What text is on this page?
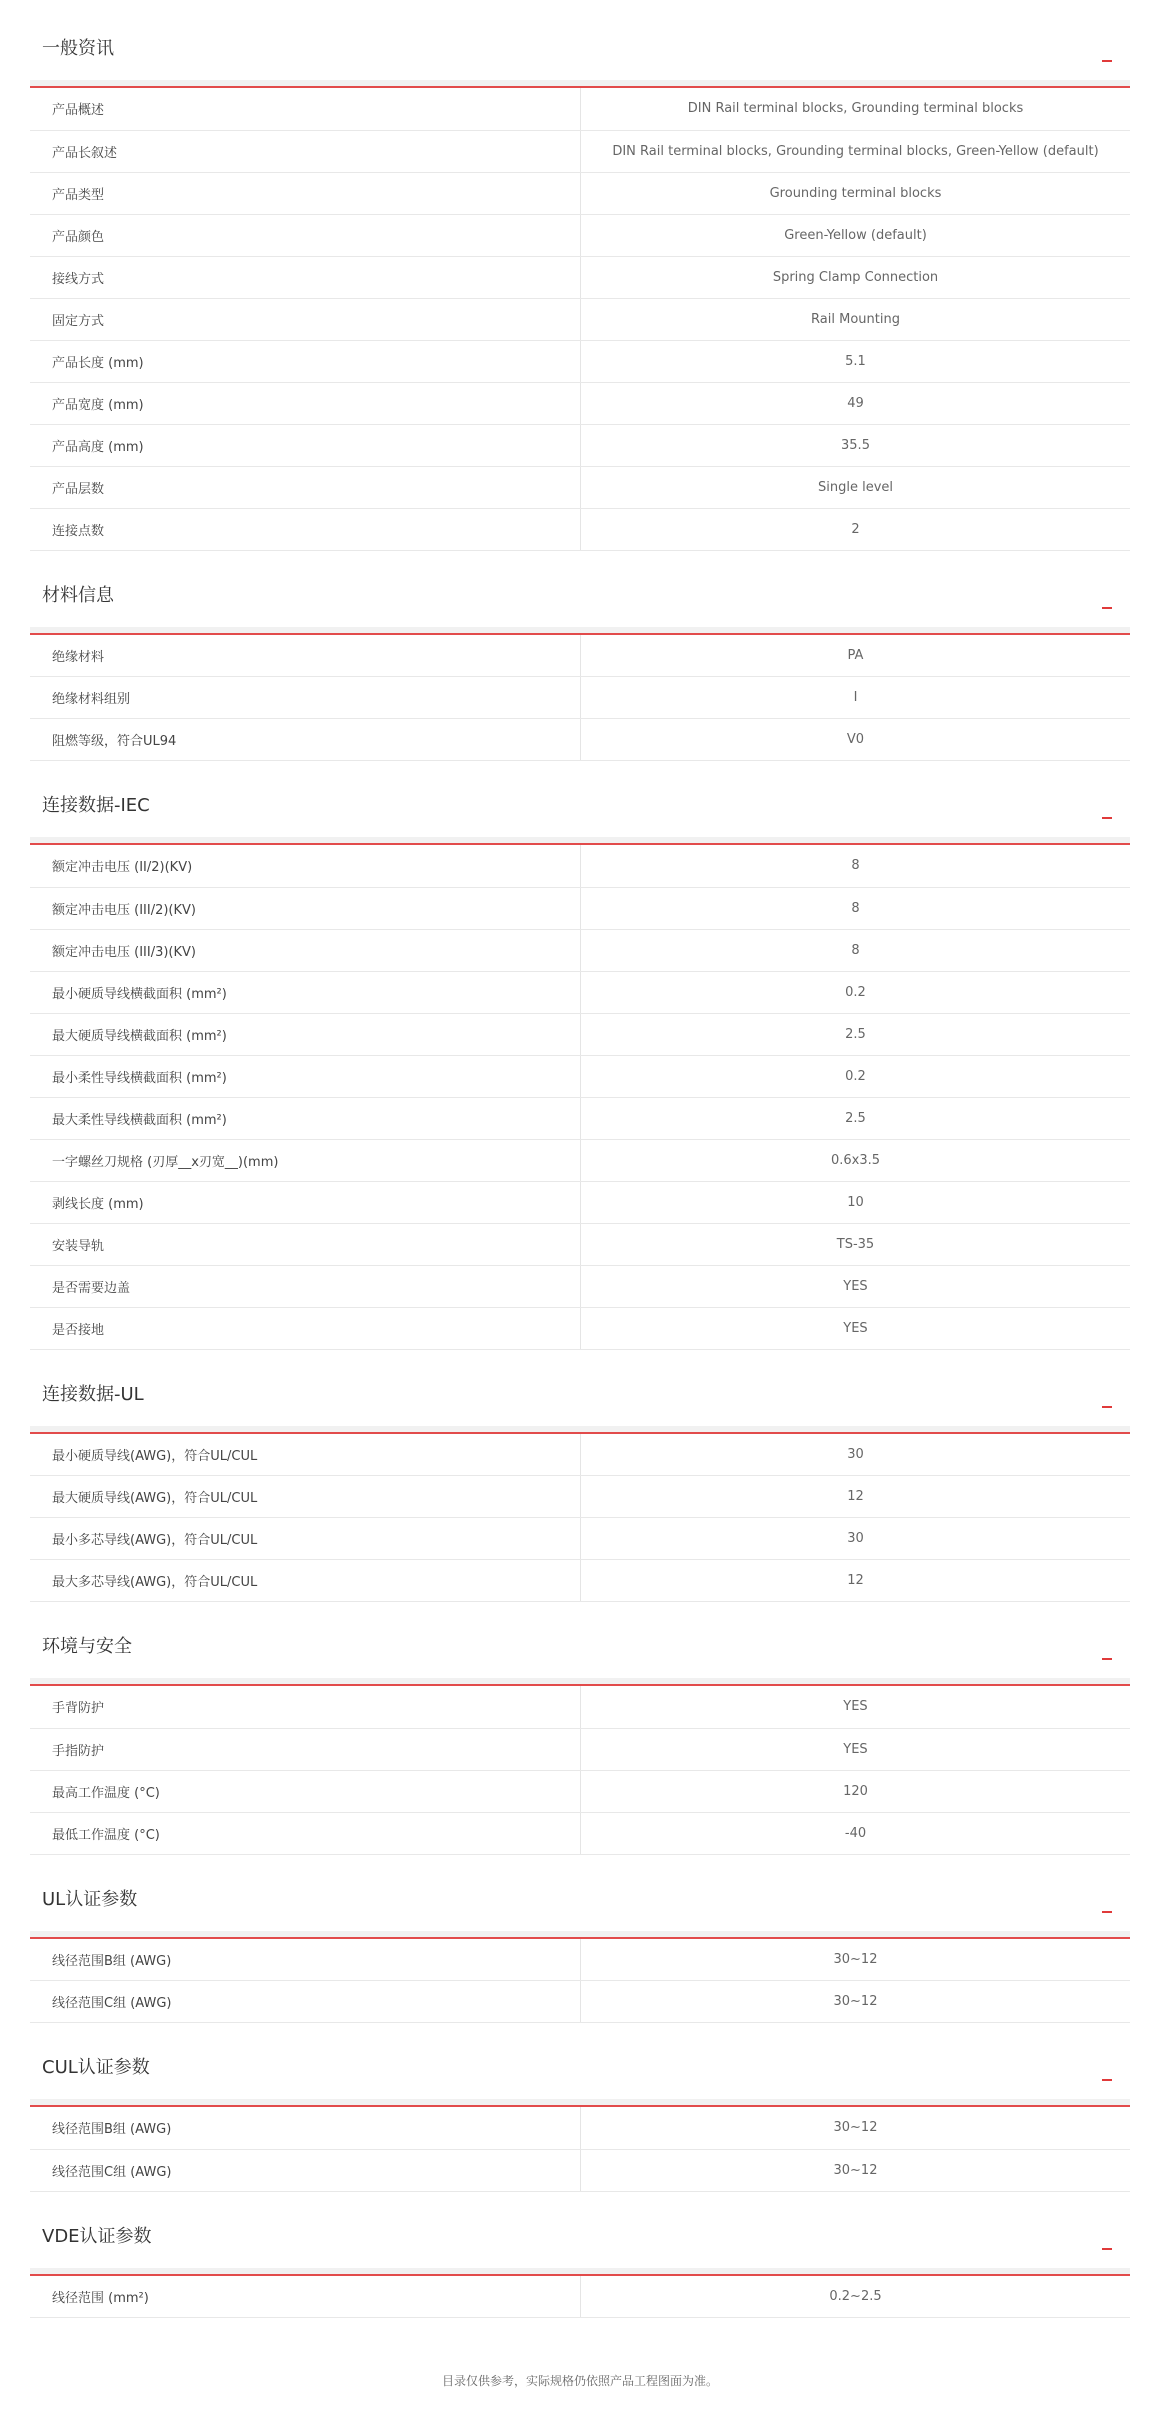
一般资讯
产品概述	DIN Rail terminal blocks, Grounding terminal blocks
产品长叙述	DIN Rail terminal blocks, Grounding terminal blocks, Green-Yellow (default)
产品类型	Grounding terminal blocks
产品颜色	Green-Yellow (default)
接线方式	Spring Clamp Connection
固定方式	Rail Mounting
产品长度 (mm)	5.1
产品宽度 (mm)	49
产品高度 (mm)	35.5
产品层数	Single level
连接点数	2
材料信息
绝缘材料	PA
绝缘材料组别	I
阻燃等级，符合UL94	V0
连接数据-IEC
额定冲击电压 (II/2)(KV)	8
额定冲击电压 (III/2)(KV)	8
额定冲击电压 (III/3)(KV)	8
最小硬质导线横截面积 (mm²)	0.2
最大硬质导线横截面积 (mm²)	2.5
最小柔性导线横截面积 (mm²)	0.2
最大柔性导线横截面积 (mm²)	2.5
一字螺丝刀规格 (刃厚__x刃宽__)(mm)	0.6x3.5
剥线长度 (mm)	10
安装导轨	TS-35
是否需要边盖	YES
是否接地	YES
连接数据-UL
最小硬质导线(AWG)，符合UL/CUL	30
最大硬质导线(AWG)，符合UL/CUL	12
最小多芯导线(AWG)，符合UL/CUL	30
最大多芯导线(AWG)，符合UL/CUL	12
环境与安全
手背防护	YES
手指防护	YES
最高工作温度 (°C)	120
最低工作温度 (°C)	-40
UL认证参数
线径范围B组 (AWG)	30~12
线径范围C组 (AWG)	30~12
CUL认证参数
线径范围B组 (AWG)	30~12
线径范围C组 (AWG)	30~12
VDE认证参数
线径范围 (mm²)	0.2~2.5
目录仅供参考，实际规格仍依照产品工程图面为准。
